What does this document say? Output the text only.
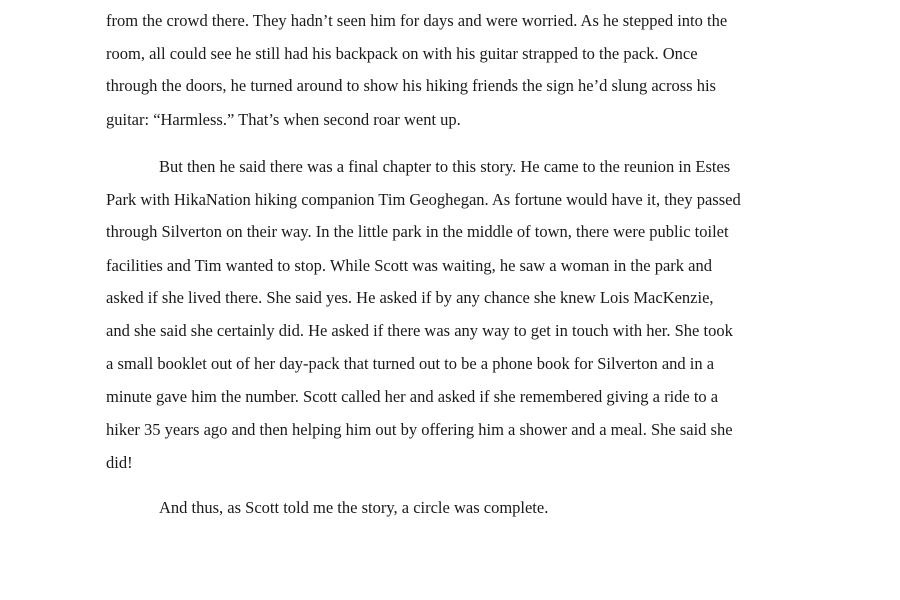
from the crowd there. They hadn’t seen him for days and were worried. As he stepped into the
room, all could see he still had his backpack on with his guitar strapped to the pack. Once
through the doors, he turned around to show his hiking friends the sign he’d slung across his
guitar: “Harmless.” That’s when second roar went up.
But then he said there was a final chapter to this story. He came to the reunion in Estes
Park with HikaNation hiking companion Tim Geoghegan. As fortune would have it, they passed
through Silverton on their way. In the little park in the middle of town, there were public toilet
facilities and Tim wanted to stop. While Scott was waiting, he saw a woman in the park and
asked if she lived there. She said yes. He asked if by any chance she knew Lois MacKenzie,
and she said she certainly did. He asked if there was any way to get in touch with her. She took
a small booklet out of her day-pack that turned out to be a phone book for Silverton and in a
minute gave him the number. Scott called her and asked if she remembered giving a ride to a
hiker 35 years ago and then helping him out by offering him a shower and a meal. She said she
did!
And thus, as Scott told me the story, a circle was complete.
